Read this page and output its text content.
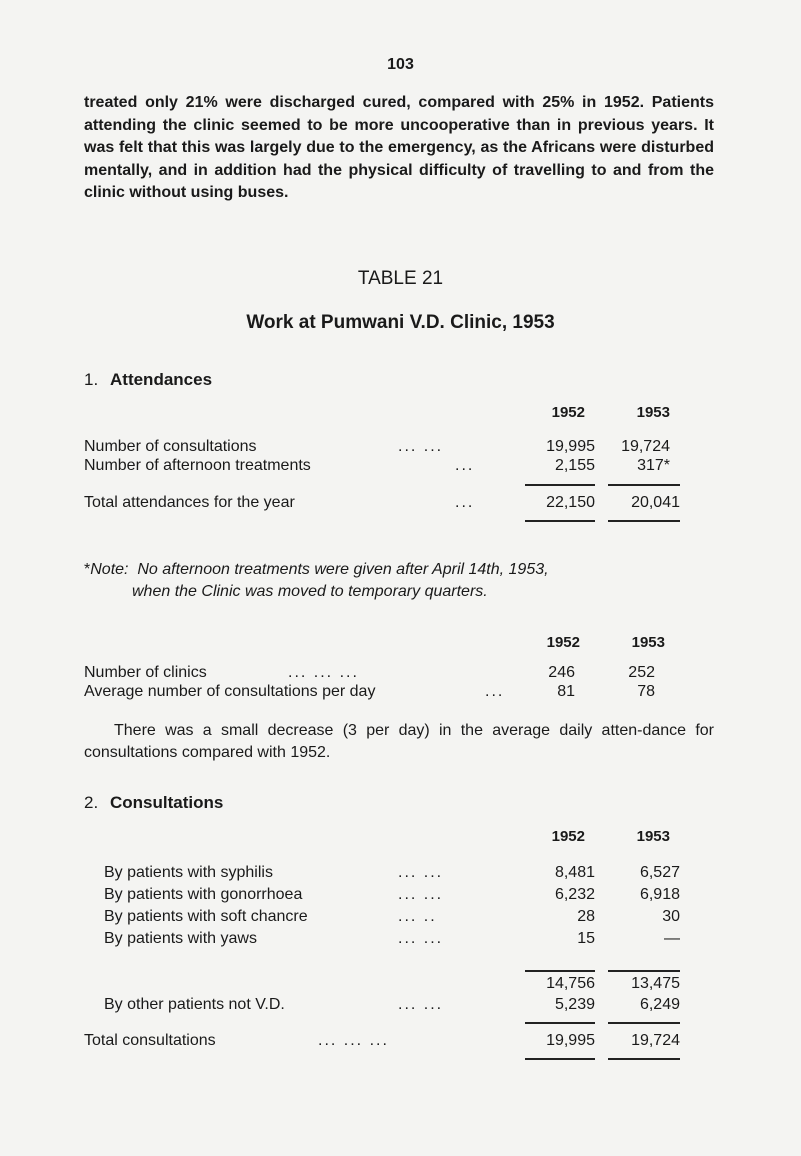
103
treated only 21% were discharged cured, compared with 25% in 1952. Patients attending the clinic seemed to be more uncooperative than in previous years. It was felt that this was largely due to the emergency, as the Africans were disturbed mentally, and in addition had the physical difficulty of travelling to and from the clinic without using buses.
TABLE 21
Work at Pumwani V.D. Clinic, 1953
1. Attendances
1952	1953
Number of consultations	... ...	19,995	19,724
Number of afternoon treatments	...	2,155	317*
Total attendances for the year	...	22,150	20,041
*Note: No afternoon treatments were given after April 14th, 1953,
when the Clinic was moved to temporary quarters.
1952	1953
Number of clinics	... ... ...	246	252
Average number of consultations per day	...	81	78
There was a small decrease (3 per day) in the average daily atten-dance for consultations compared with 1952.
2. Consultations
1952	1953
By patients with syphilis	... ...	8,481	6,527
By patients with gonorrhoea	... ...	6,232	6,918
By patients with soft chancre	... ..	28	30
By patients with yaws	... ...	15	—
14,756	13,475
By other patients not V.D.	... ...	5,239	6,249
Total consultations	... ... ...	19,995	19,724
